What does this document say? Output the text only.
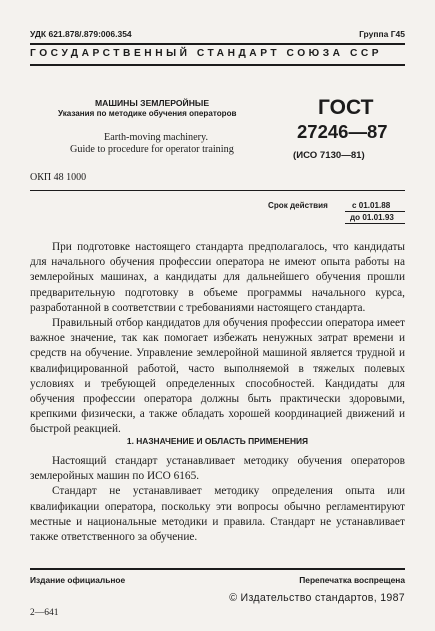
УДК 621.878/.879:006.354	Группа Г45
ГОСУДАРСТВЕННЫЙ СТАНДАРТ СОЮЗА ССР
МАШИНЫ ЗЕМЛЕРОЙНЫЕ
Указания по методике обучения операторов
Earth-moving machinery.
Guide to procedure for operator training
ГОСТ
27246—87
(ИСО 7130—81)
ОКП 48 1000
Срок действия	с 01.01.88
до 01.01.93

При подготовке настоящего стандарта предполагалось, что кандидаты для начального обучения профессии оператора не имеют опыта работы на землеройных машинах, а кандидаты для дальнейшего обучения прошли предварительную подготовку в объеме программы начального курса, разработанной в соответствии с требованиями настоящего стандарта.

Правильный отбор кандидатов для обучения профессии оператора имеет важное значение, так как помогает избежать ненужных затрат времени и средств на обучение. Управление землеройной машиной является трудной и квалифицированной работой, часто выполняемой в тяжелых полевых условиях и требующей определенных способностей. Кандидаты для обучения профессии оператора должны быть практически здоровыми, крепкими физически, а также обладать хорошей координацией движений и быстрой реакцией.

1. НАЗНАЧЕНИЕ И ОБЛАСТЬ ПРИМЕНЕНИЯ

Настоящий стандарт устанавливает методику обучения операторов землеройных машин по ИСО 6165.

Стандарт не устанавливает методику определения опыта или квалификации оператора, поскольку эти вопросы обычно регламентируют местные и национальные методики и правила. Стандарт не устанавливает также ответственного за обучение.

Издание официальное	Перепечатка воспрещена
© Издательство стандартов, 1987
2—641
